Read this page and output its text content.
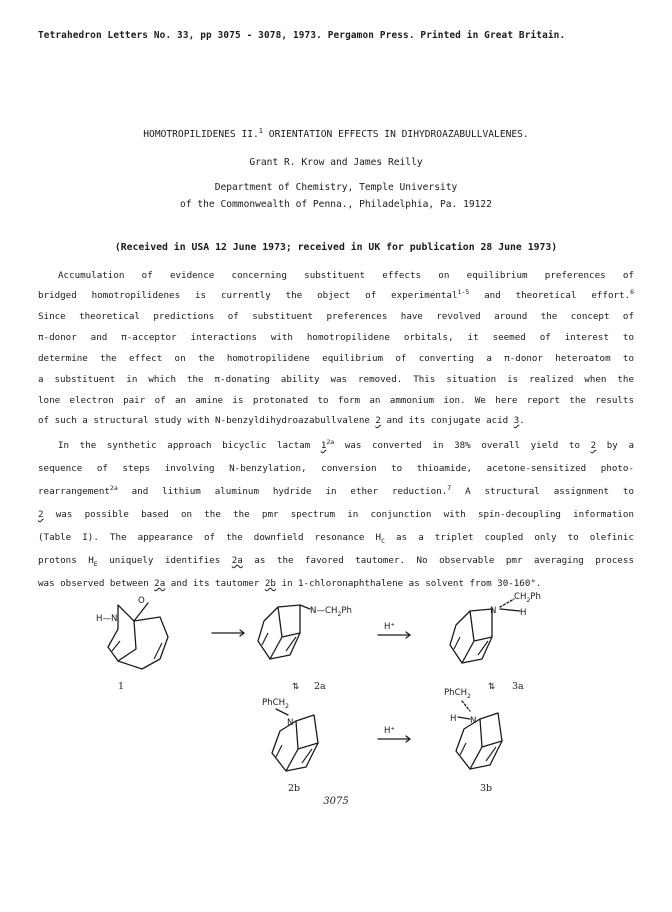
Tetrahedron Letters No. 33, pp 3075 - 3078, 1973. Pergamon Press. Printed in Great Britain.
HOMOTROPILIDENES II.$^1$ ORIENTATION EFFECTS IN DIHYDROAZABULLVALENES.
Grant R. Krow and James Reilly
Department of Chemistry, Temple University
of the Commonwealth of Penna., Philadelphia, Pa. 19122
(Received in USA 12 June 1973; received in UK for publication 28 June 1973)
Accumulation of evidence concerning substituent effects on equilibrium preferences of
bridged homotropilidenes is currently the object of experimental$^{1-5}$ and theoretical effort.$^6$
Since theoretical predictions of substituent preferences have revolved around the concept of
π-donor and π-acceptor interactions with homotropilidene orbitals, it seemed of interest to
determine the effect on the homotropilidene equilibrium of converting a π-donor heteroatom to
a substituent in which the π-donating ability was removed. This situation is realized when the
lone electron pair of an amine is protonated to form an ammonium ion. We here report the results
of such a structural study with N-benzyldihydroazabullvalene 2 and its conjugate acid 3.
In the synthetic approach bicyclic lactam $1^{2a}$ was converted in 38% overall yield to 2 by a
sequence of steps involving N-benzylation, conversion to thioamide, acetone-sensitized photo-
rearrangement$^{2a}$ and lithium aluminum hydride in ether reduction.$^7$ A structural assignment to
2 was possible based on the the pmr spectrum in conjunction with spin-decoupling information
(Table I). The appearance of the downfield resonance $H_C$ as a triplet coupled only to olefinic
protons $H_E$ uniquely identifies 2a as the favored tautomer. No observable pmr averaging process
was observed between 2a and its tautomer 2b in 1-chloronaphthalene as solvent from 30-160°.
O
H—N
1
$N—CH_2Ph$
H⁺
N	H
$CH_2Ph$
⇅ 2a	⇅ 3a
PhCH$_2$
N
2b
H⁺
PhCH$_2$
H N
3b
3075
